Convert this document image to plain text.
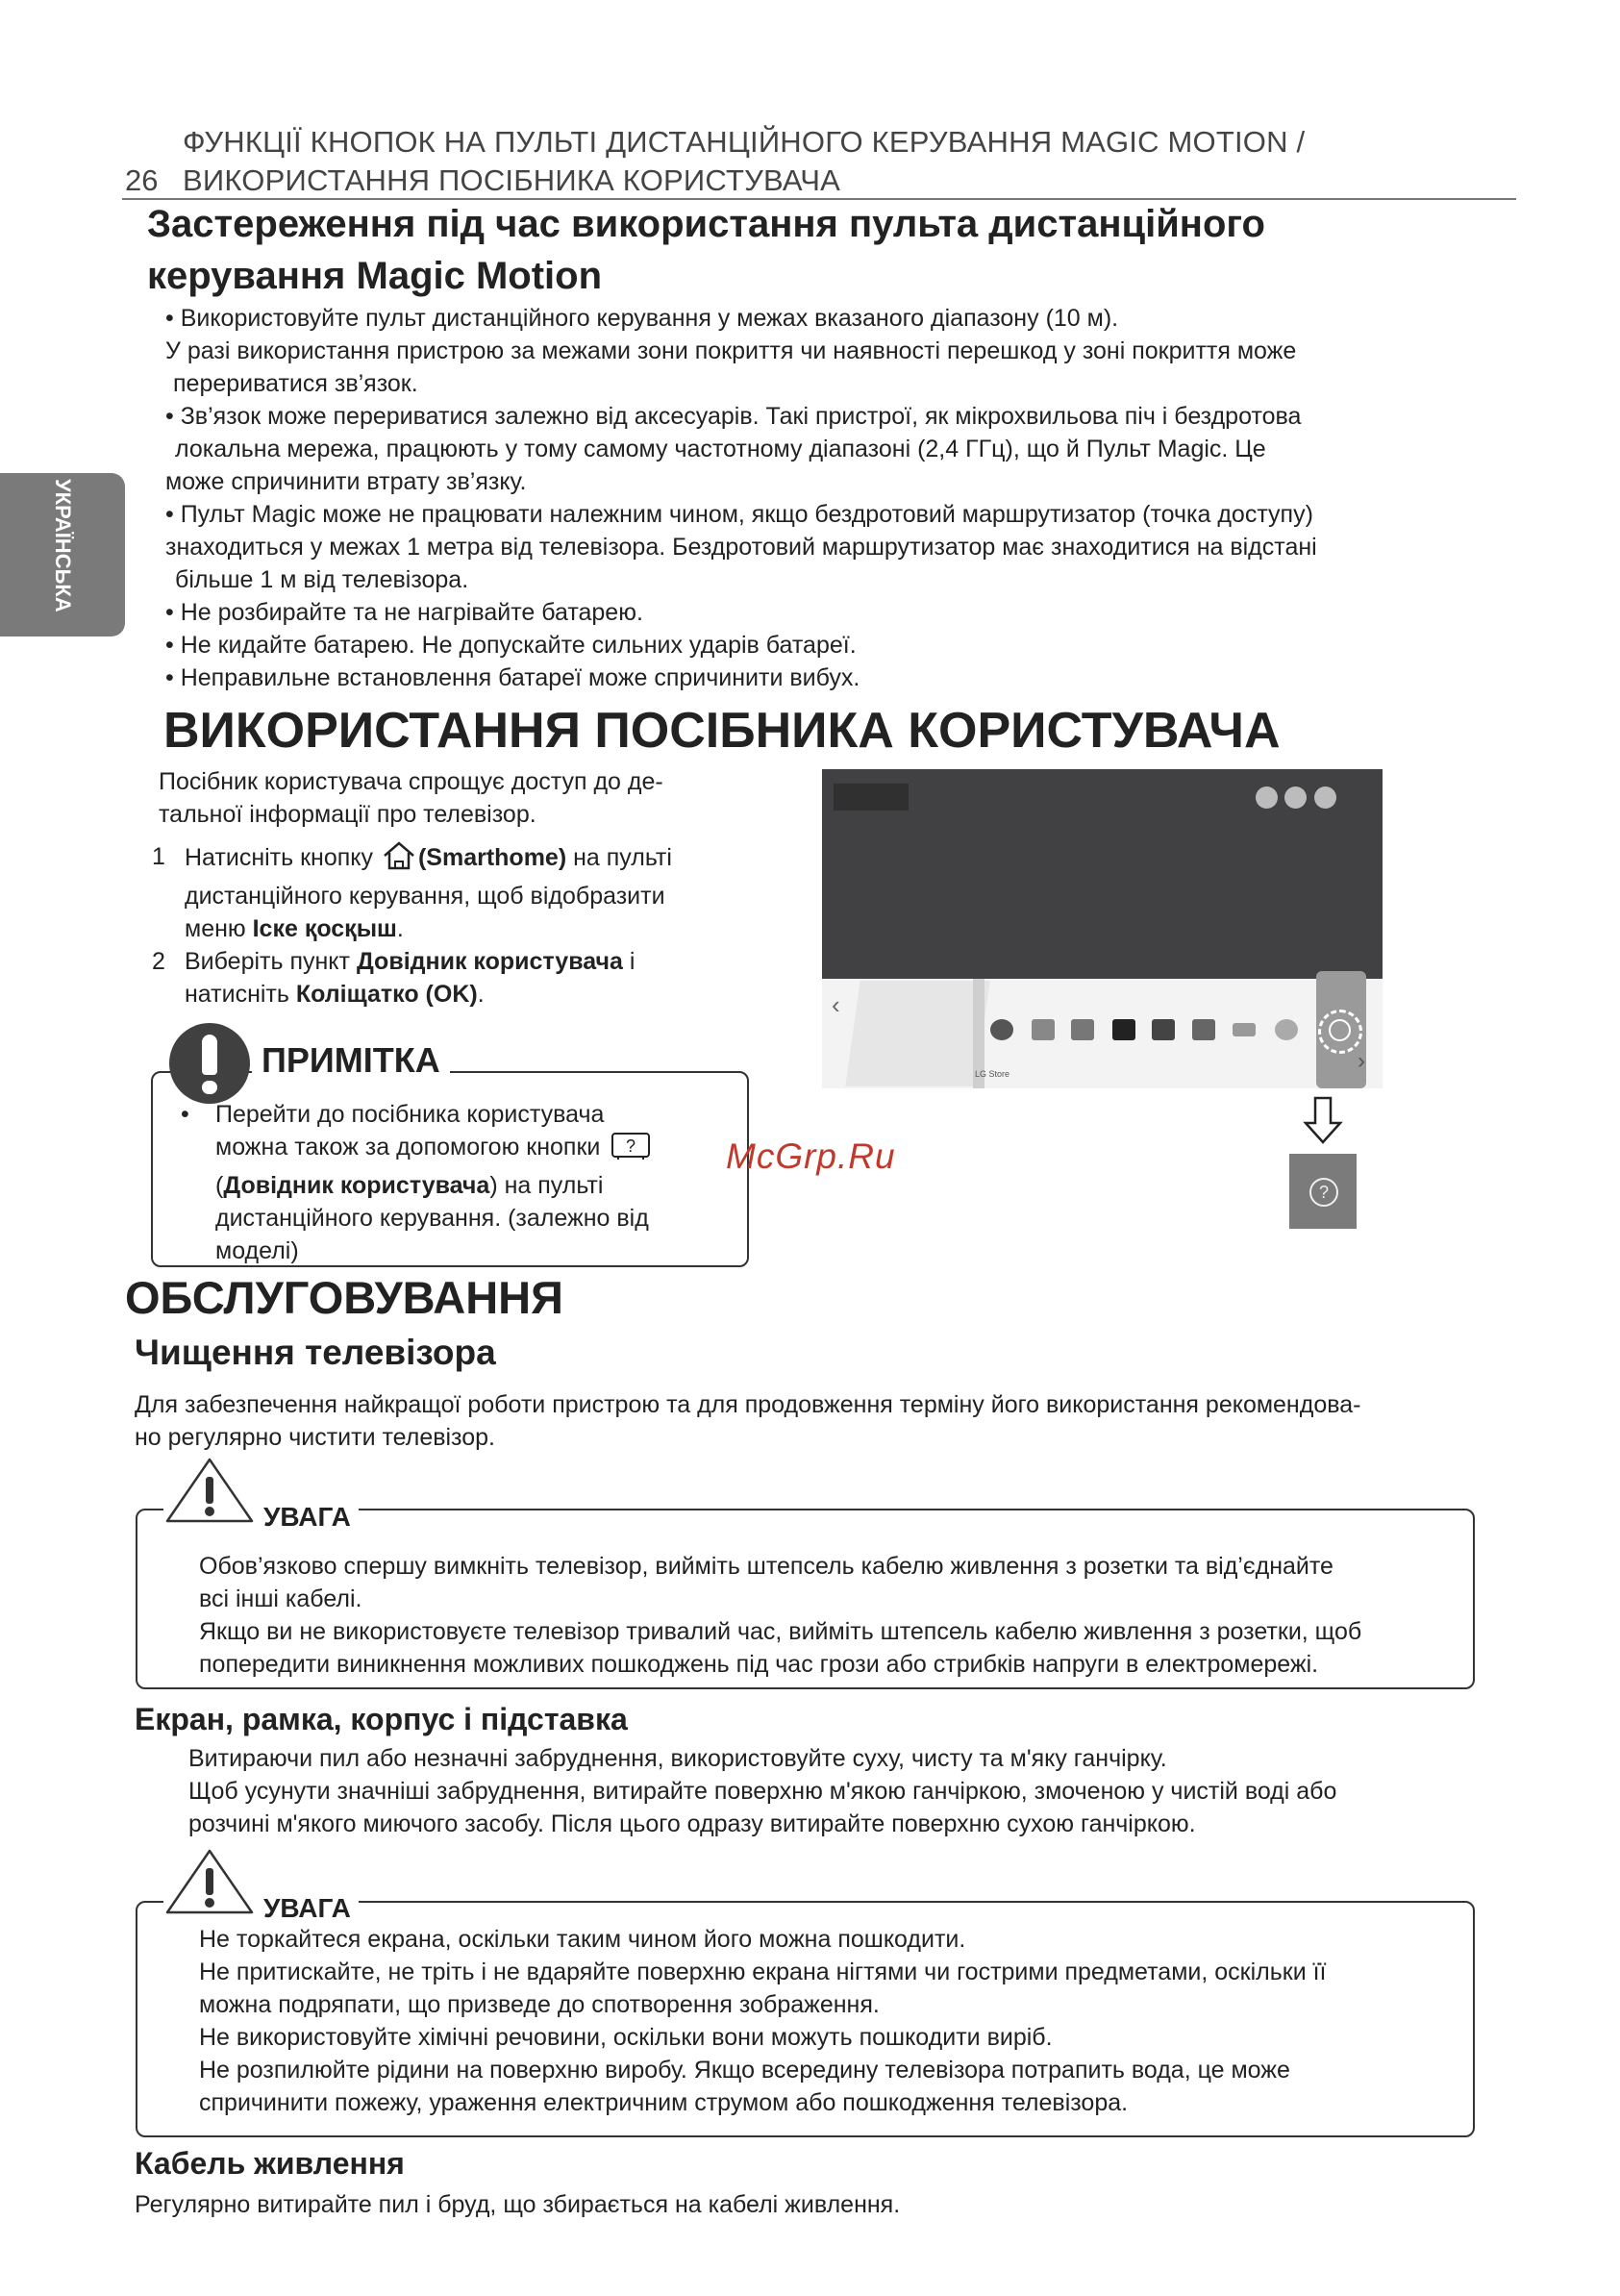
ФУНКЦІЇ КНОПОК НА ПУЛЬТІ ДИСТАНЦІЙНОГО КЕРУВАННЯ MAGIC MOTION /
ВИКОРИСТАННЯ ПОСІБНИКА КОРИСТУВАЧА
26
УКРАЇНСЬКА
Застереження під час використання пульта дистанційного
керування Magic Motion
• Використовуйте пульт дистанційного керування у межах вказаного діапазону (10 м).
У разі використання пристрою за межами зони покриття чи наявності перешкод у зоні покриття може
перериватися зв’язок.
• Зв’язок може перериватися залежно від аксесуарів. Такі пристрої, як мікрохвильова піч і бездротова
локальна мережа, працюють у тому самому частотному діапазоні (2,4 ГГц), що й Пульт Magic. Це
може спричинити втрату зв’язку.
• Пульт Magic може не працювати належним чином, якщо бездротовий маршрутизатор (точка доступу)
знаходиться у межах 1 метра від телевізора. Бездротовий маршрутизатор має знаходитися на відстані
більше 1 м від телевізора.
• Не розбирайте та не нагрівайте батарею.
• Не кидайте батарею. Не допускайте сильних ударів батареї.
• Неправильне встановлення батареї може спричинити вибух.
ВИКОРИСТАННЯ ПОСІБНИКА КОРИСТУВАЧА
Посібник користувача спрощує доступ до де-
тальної інформації про телевізор.
1 Натисніть кнопку (Smarthome) на пульті
дистанційного керування, щоб відобразити
меню Іске қосқыш.
2 Виберіть пункт Довідник користувача і
натисніть Коліщатко (OK).	‹
LG Store	›
?
ПРИМІТКА
• Перейти до посібника користувача
можна також за допомогою кнопки ?
(Довідник користувача) на пульті
дистанційного керування. (залежно від
моделі)
McGrp.Ru
ОБСЛУГОВУВАННЯ
Чищення телевізора
Для забезпечення найкращої роботи пристрою та для продовження терміну його використання рекомендова-
но регулярно чистити телевізор.
УВАГА
Обов’язково спершу вимкніть телевізор, вийміть штепсель кабелю живлення з розетки та від’єднайте
всі інші кабелі.
Якщо ви не використовуєте телевізор тривалий час, вийміть штепсель кабелю живлення з розетки, щоб
попередити виникнення можливих пошкоджень під час грози або стрибків напруги в електромережі.
Екран, рамка, корпус і підставка
Витираючи пил або незначні забруднення, використовуйте суху, чисту та м'яку ганчірку.
Щоб усунути значніші забруднення, витирайте поверхню м'якою ганчіркою, змоченою у чистій воді або
розчині м'якого миючого засобу. Після цього одразу витирайте поверхню сухою ганчіркою.
УВАГА
Не торкайтеся екрана, оскільки таким чином його можна пошкодити.
Не притискайте, не тріть і не вдаряйте поверхню екрана нігтями чи гострими предметами, оскільки її
можна подряпати, що призведе до спотворення зображення.
Не використовуйте хімічні речовини, оскільки вони можуть пошкодити виріб.
Не розпилюйте рідини на поверхню виробу. Якщо всередину телевізора потрапить вода, це може
спричинити пожежу, ураження електричним струмом або пошкодження телевізора.
Кабель живлення
Регулярно витирайте пил і бруд, що збирається на кабелі живлення.
